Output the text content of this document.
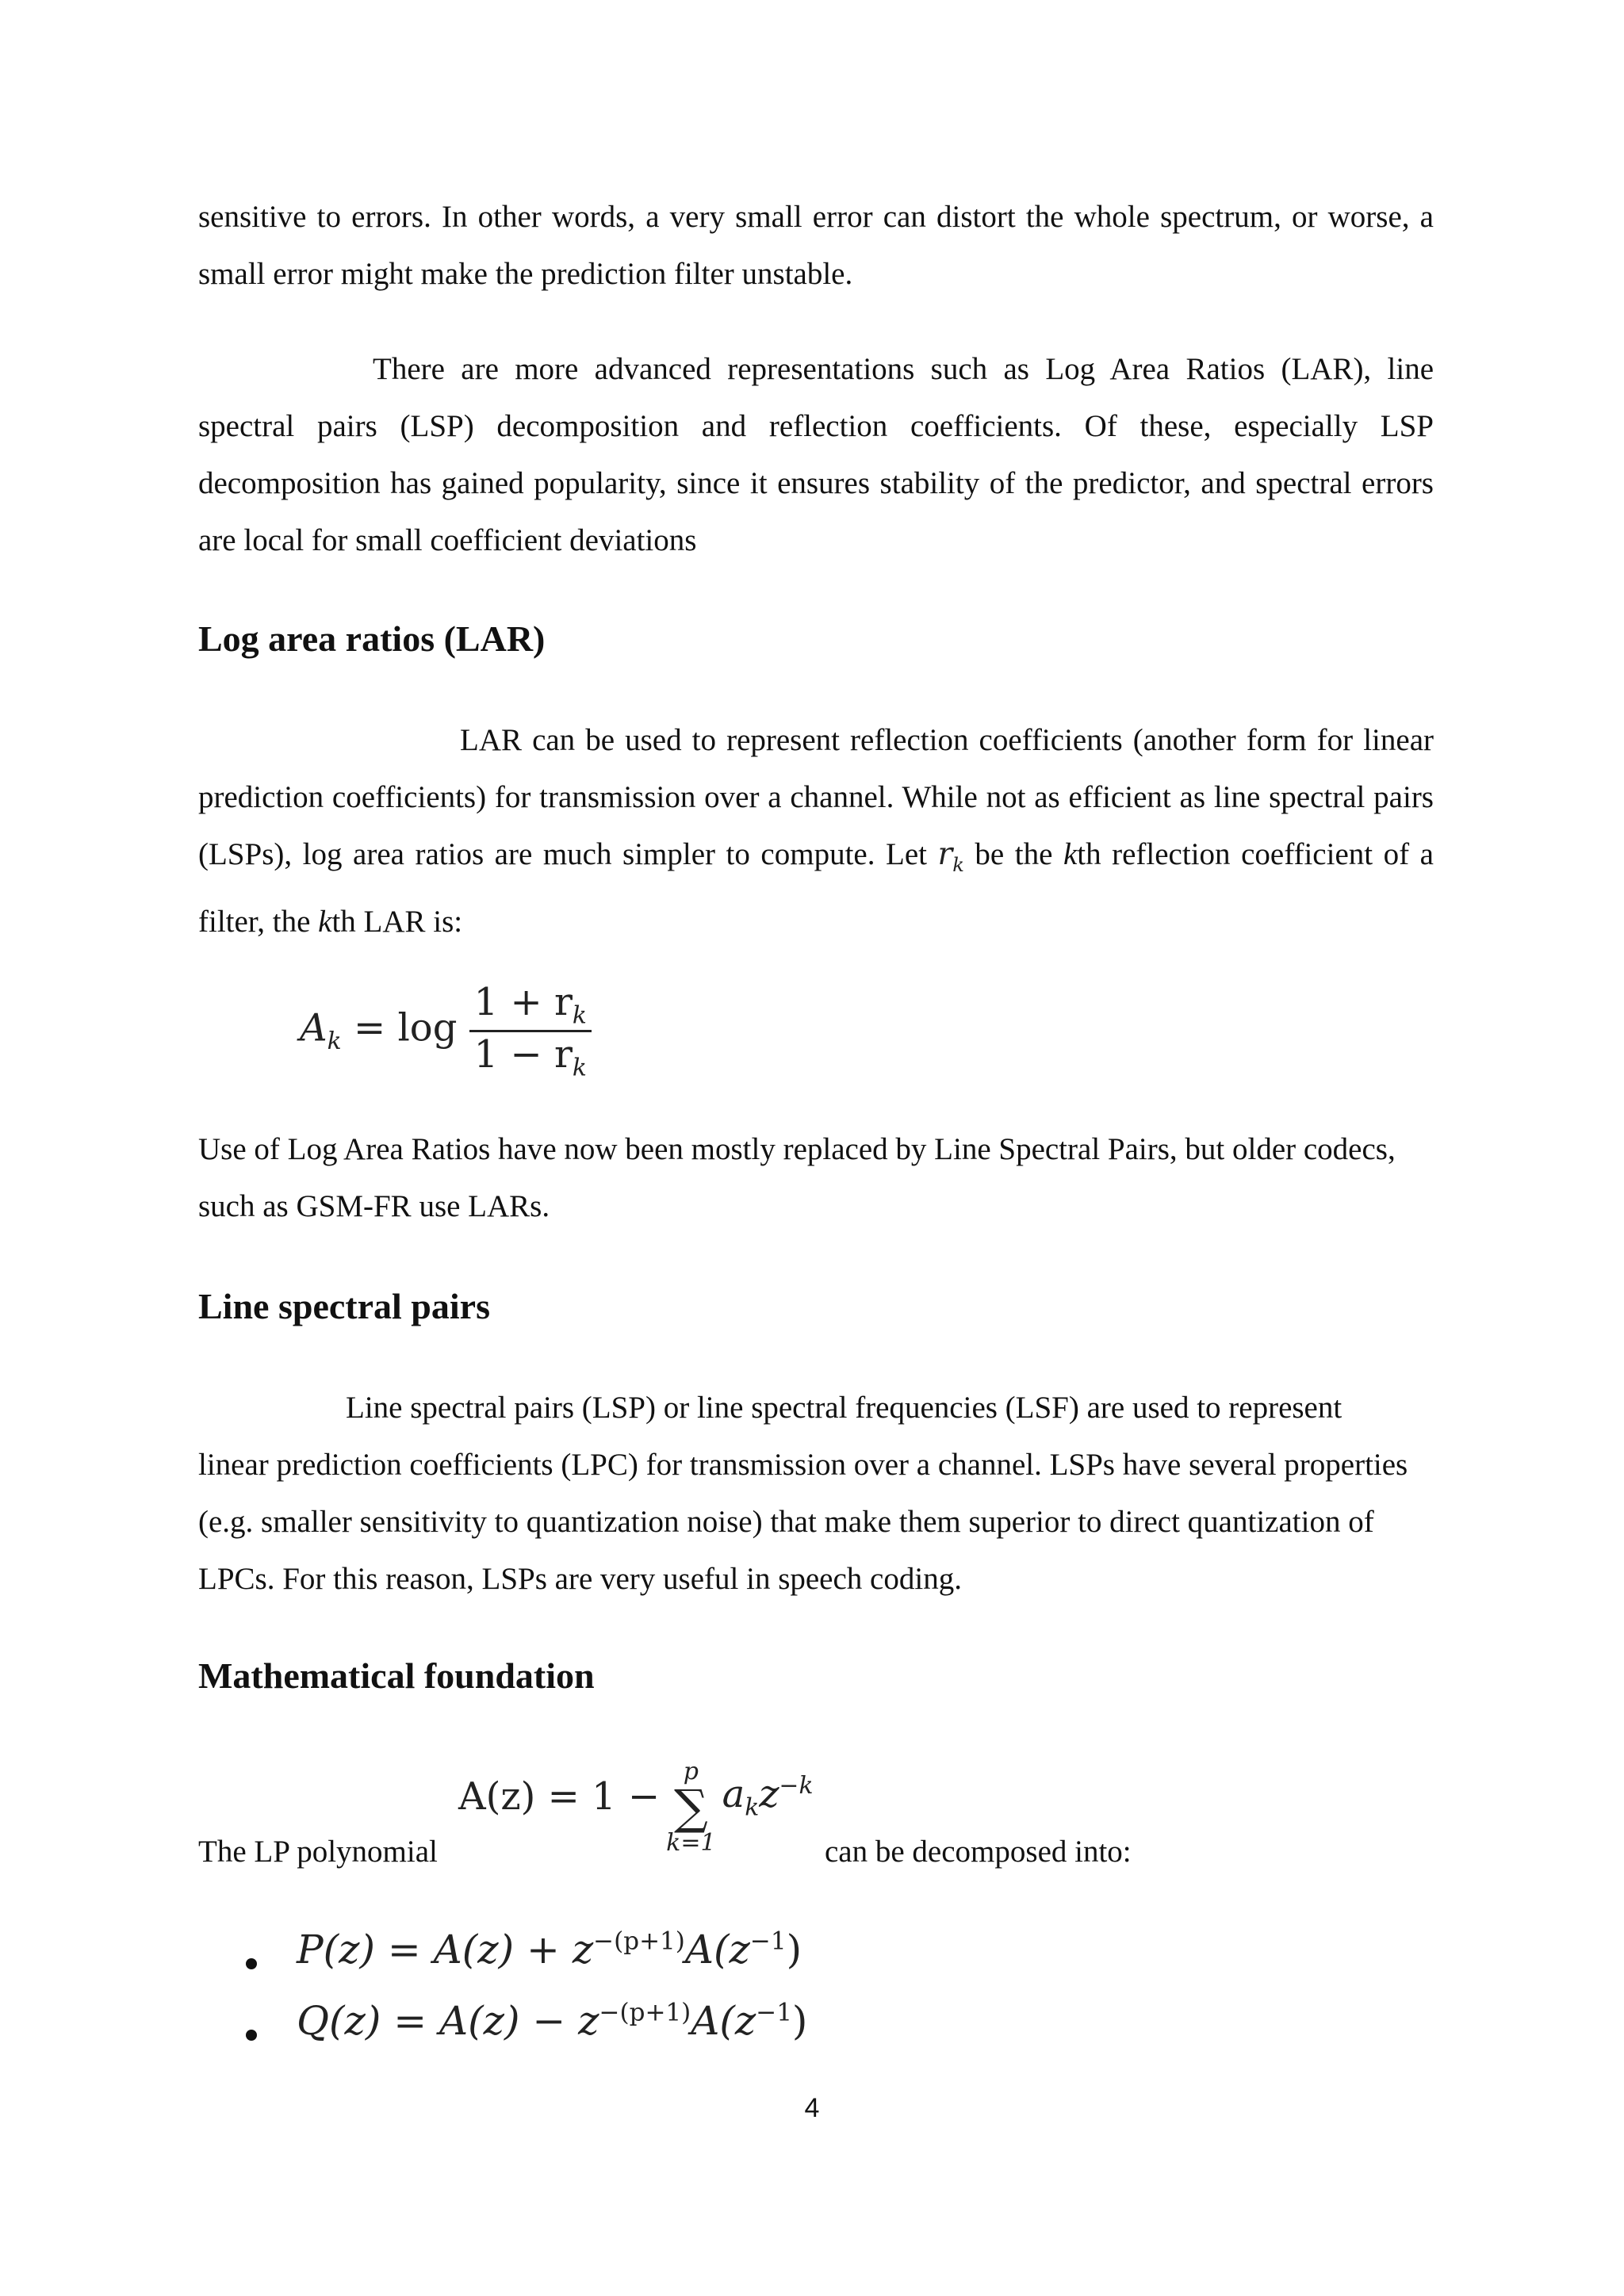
sensitive to errors. In other words, a very small error can distort the whole spectrum, or worse, a small error might make the prediction filter unstable.

There are more advanced representations such as Log Area Ratios (LAR), line spectral pairs (LSP) decomposition and reflection coefficients. Of these, especially LSP decomposition has gained popularity, since it ensures stability of the predictor, and spectral errors are local for small coefficient deviations

Log area ratios (LAR)

LAR can be used to represent reflection coefficients (another form for linear prediction coefficients) for transmission over a channel. While not as efficient as line spectral pairs (LSPs), log area ratios are much simpler to compute. Let $r_k$ be the kth reflection coefficient of a filter, the kth LAR is:

$A_k = \log \frac{1 + r_k}{1 - r_k}$

Use of Log Area Ratios have now been mostly replaced by Line Spectral Pairs, but older codecs, such as GSM-FR use LARs.

Line spectral pairs

Line spectral pairs (LSP) or line spectral frequencies (LSF) are used to represent linear prediction coefficients (LPC) for transmission over a channel. LSPs have several properties (e.g. smaller sensitivity to quantization noise) that make them superior to direct quantization of LPCs. For this reason, LSPs are very useful in speech coding.

Mathematical foundation
The LP polynomial
A(z) = 1 −
p
∑
k=1
$a_kz^{-k}$
can be decomposed into:
$P(z) = A(z) + z^{-(p+1)}A(z^{-1})$
$Q(z) = A(z) - z^{-(p+1)}A(z^{-1})$
4
